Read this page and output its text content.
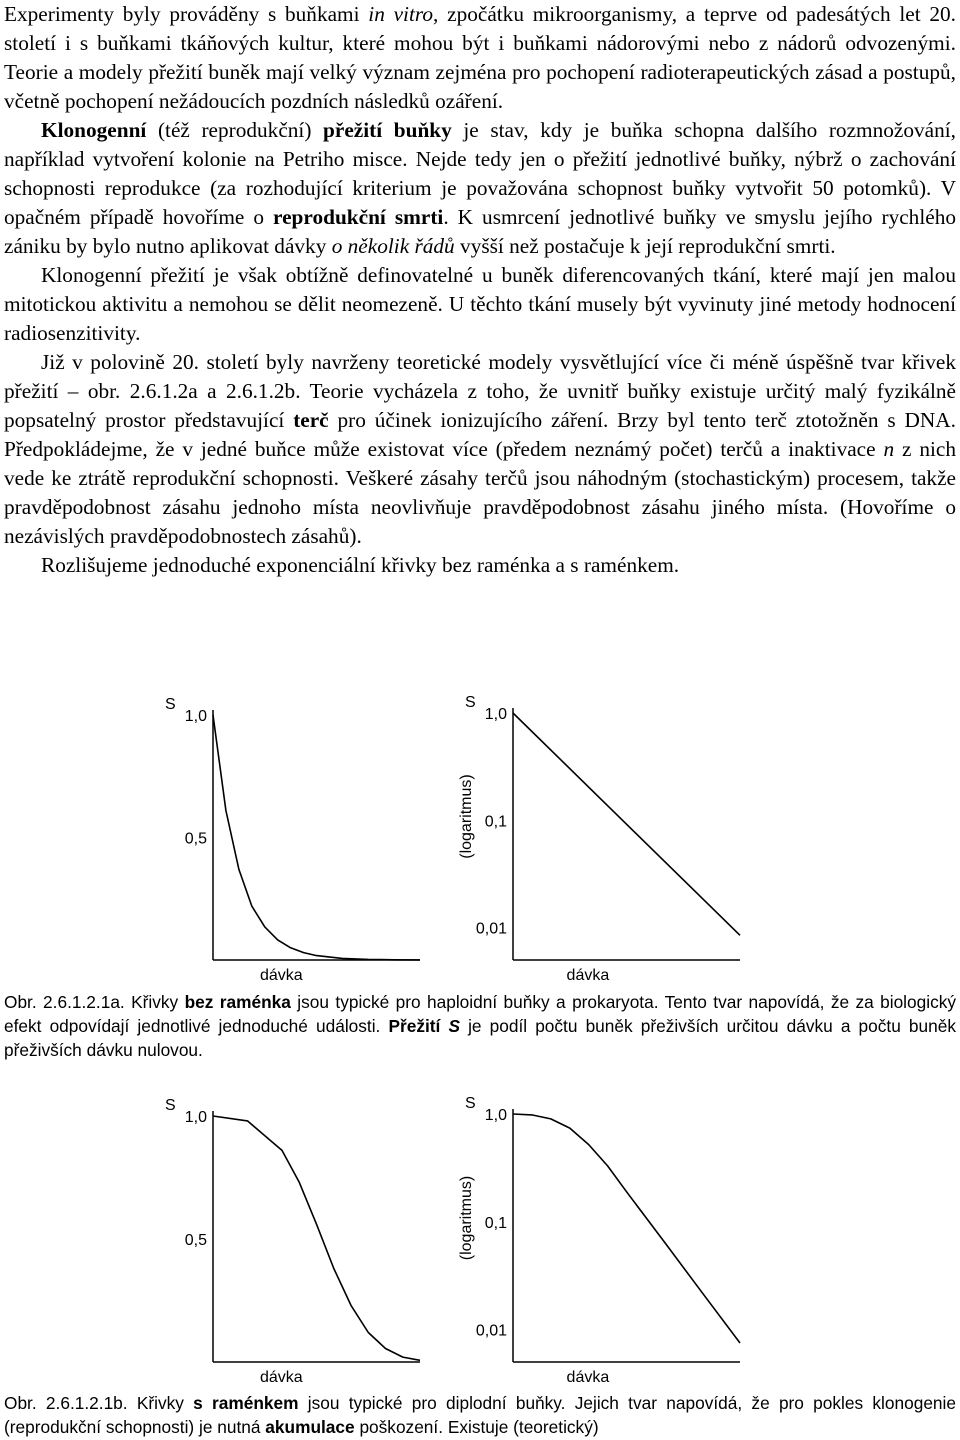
Experimenty byly prováděny s buňkami in vitro, zpočátku mikroorganismy, a teprve od padesátých let 20. století i s buňkami tkáňových kultur, které mohou být i buňkami nádorovými nebo z nádorů odvozenými. Teorie a modely přežití buněk mají velký význam zejména pro pochopení radioterapeutických zásad a postupů, včetně pochopení nežádoucích pozdních následků ozáření.

Klonogenní (též reprodukční) přežití buňky je stav, kdy je buňka schopna dalšího rozmnožování, například vytvoření kolonie na Petriho misce. Nejde tedy jen o přežití jednotlivé buňky, nýbrž o zachování schopnosti reprodukce (za rozhodující kriterium je považována schopnost buňky vytvořit 50 potomků). V opačném případě hovoříme o reprodukční smrti. K usmrcení jednotlivé buňky ve smyslu jejího rychlého zániku by bylo nutno aplikovat dávky o několik řádů vyšší než postačuje k její reprodukční smrti.

Klonogenní přežití je však obtížně definovatelné u buněk diferencovaných tkání, které mají jen malou mitotickou aktivitu a nemohou se dělit neomezeně. U těchto tkání musely být vyvinuty jiné metody hodnocení radiosenzitivity.

Již v polovině 20. století byly navrženy teoretické modely vysvětlující více či méně úspěšně tvar křivek přežití – obr. 2.6.1.2a a 2.6.1.2b. Teorie vycházela z toho, že uvnitř buňky existuje určitý malý fyzikálně popsatelný prostor představující terč pro účinek ionizujícího záření. Brzy byl tento terč ztotožněn s DNA. Předpokládejme, že v jedné buňce může existovat více (předem neznámý počet) terčů a inaktivace n z nich vede ke ztrátě reprodukční schopnosti. Veškeré zásahy terčů jsou náhodným (stochastickým) procesem, takže pravděpodobnost zásahu jednoho místa neovlivňuje pravděpodobnost zásahu jiného místa. (Hovoříme o nezávislých pravděpodobnostech zásahů).

Rozlišujeme jednoduché exponenciální křivky bez raménka a s raménkem.

S
1,0
0,5
dávka
S
1,0
0,1
0,01
dávka
(logaritmus)
S
1,0
0,5
dávka
S
1,0
0,1
0,01
dávka
(logaritmus)

Obr. 2.6.1.2.1a. Křivky bez raménka jsou typické pro haploidní buňky a prokaryota. Tento tvar napovídá, že za biologický efekt odpovídají jednotlivé jednoduché události. Přežití S je podíl počtu buněk přeživších určitou dávku a počtu buněk přeživších dávku nulovou.

Obr. 2.6.1.2.1b. Křivky s raménkem jsou typické pro diplodní buňky. Jejich tvar napovídá, že pro pokles klonogenie (reprodukční schopnosti) je nutná akumulace poškození. Existuje (teoretický)
